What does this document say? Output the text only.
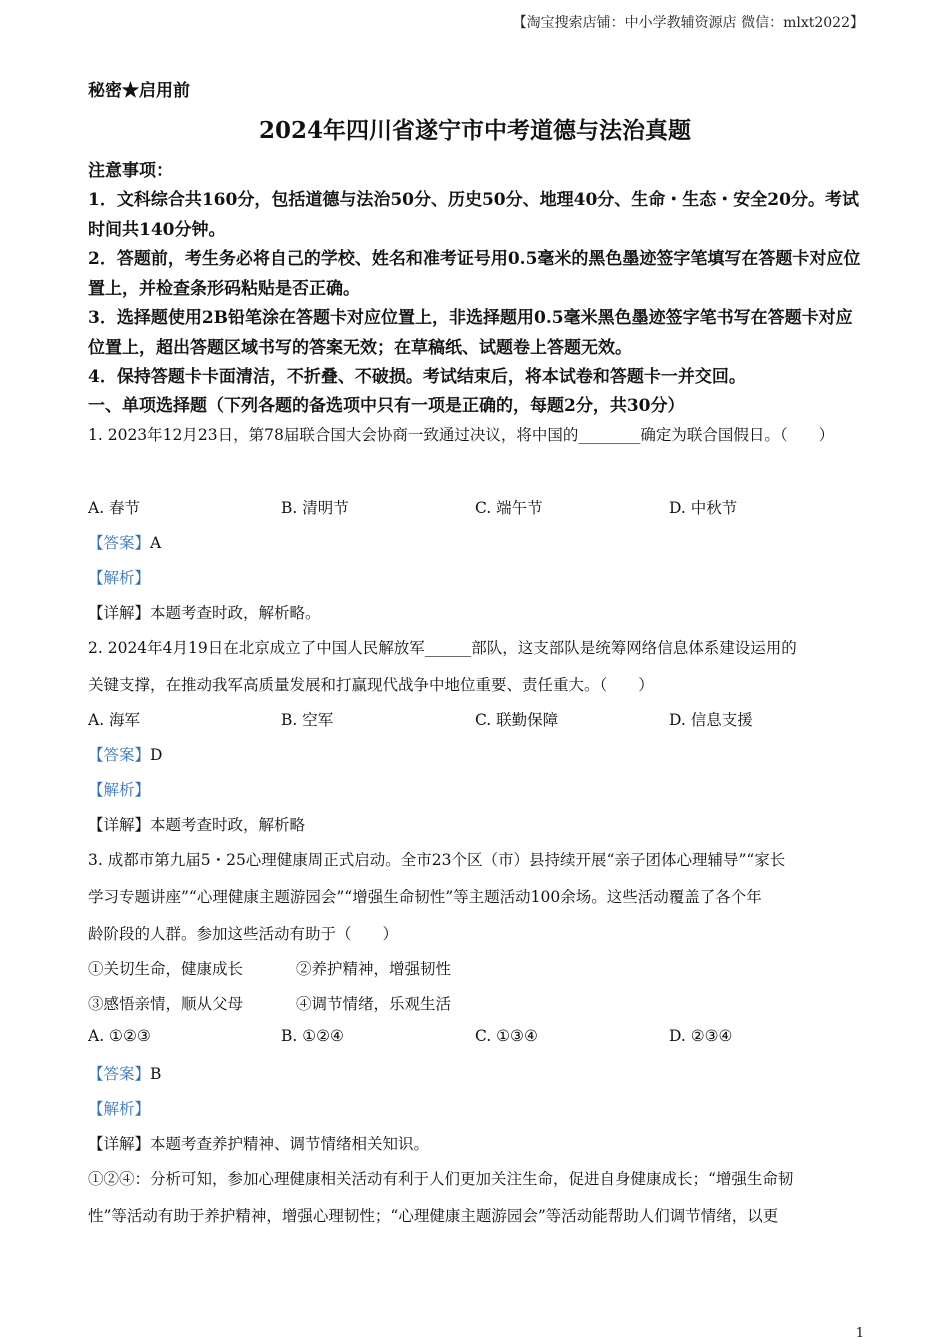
【淘宝搜索店铺：中小学教辅资源店 微信：mlxt2022】
秘密★启用前
2024年四川省遂宁市中考道德与法治真题
注意事项：
1．文科综合共160分，包括道德与法治50分、历史50分、地理40分、生命・生态・安全20分。考试时间共140分钟。
2．答题前，考生务必将自己的学校、姓名和准考证号用0.5毫米的黑色墨迹签字笔填写在答题卡对应位置上，并检查条形码粘贴是否正确。
3．选择题使用2B铅笔涂在答题卡对应位置上，非选择题用0.5毫米黑色墨迹签字笔书写在答题卡对应位置上，超出答题区域书写的答案无效；在草稿纸、试题卷上答题无效。
4．保持答题卡卡面清洁，不折叠、不破损。考试结束后，将本试卷和答题卡一并交回。
一、单项选择题（下列各题的备选项中只有一项是正确的，每题2分，共30分）
1. 2023年12月23日，第78届联合国大会协商一致通过决议，将中国的________确定为联合国假日。（　　）
A. 春节	B. 清明节	C. 端午节	D. 中秋节
【答案】A
【解析】
【详解】本题考查时政，解析略。
2. 2024年4月19日在北京成立了中国人民解放军______部队，这支部队是统筹网络信息体系建设运用的
关键支撑，在推动我军高质量发展和打赢现代战争中地位重要、责任重大。（　　）
A. 海军	B. 空军	C. 联勤保障	D. 信息支援
【答案】D
【解析】
【详解】本题考查时政，解析略
3. 成都市第九届5・25心理健康周正式启动。全市23个区（市）县持续开展“亲子团体心理辅导”“家长
学习专题讲座”“心理健康主题游园会”“增强生命韧性”等主题活动100余场。这些活动覆盖了各个年
龄阶段的人群。参加这些活动有助于（　　）
①关切生命，健康成长	②养护精神，增强韧性
③感悟亲情，顺从父母	④调节情绪，乐观生活
A. ①②③	B. ①②④	C. ①③④	D. ②③④
【答案】B
【解析】
【详解】本题考查养护精神、调节情绪相关知识。
①②④：分析可知，参加心理健康相关活动有利于人们更加关注生命，促进自身健康成长；“增强生命韧
性”等活动有助于养护精神，增强心理韧性；“心理健康主题游园会”等活动能帮助人们调节情绪，以更
1
